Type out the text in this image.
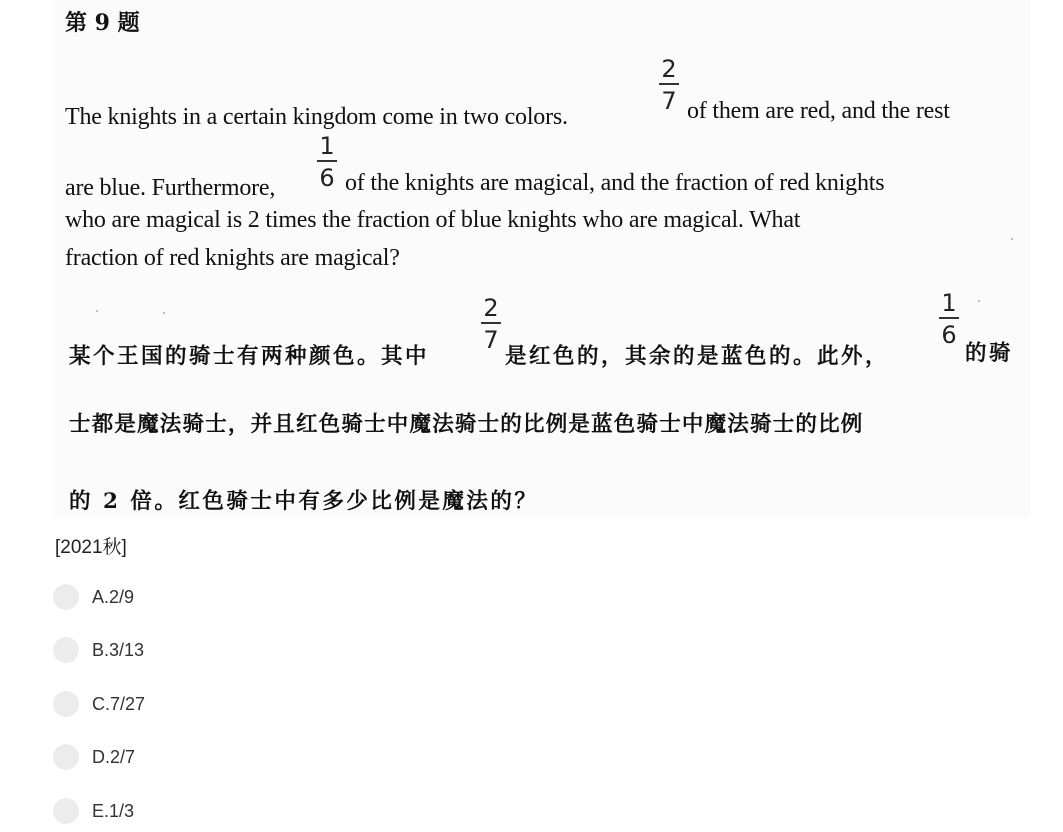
第 9 题
The knights in a certain kingdom come in two colors.
2
7 of them are red, and the rest
are blue. Furthermore,
1
6 of the knights are magical, and the fraction of red knights
who are magical is 2 times the fraction of blue knights who are magical. What
fraction of red knights are magical?
某个王国的骑士有两种颜色。其中
2
7
是红色的，其余的是蓝色的。此外，
1
6
的骑
士都是魔法骑士，并且红色骑士中魔法骑士的比例是蓝色骑士中魔法骑士的比例
的 2 倍。红色骑士中有多少比例是魔法的？
[2021秋]
A.2/9
B.3/13
C.7/27
D.2/7
E.1/3
